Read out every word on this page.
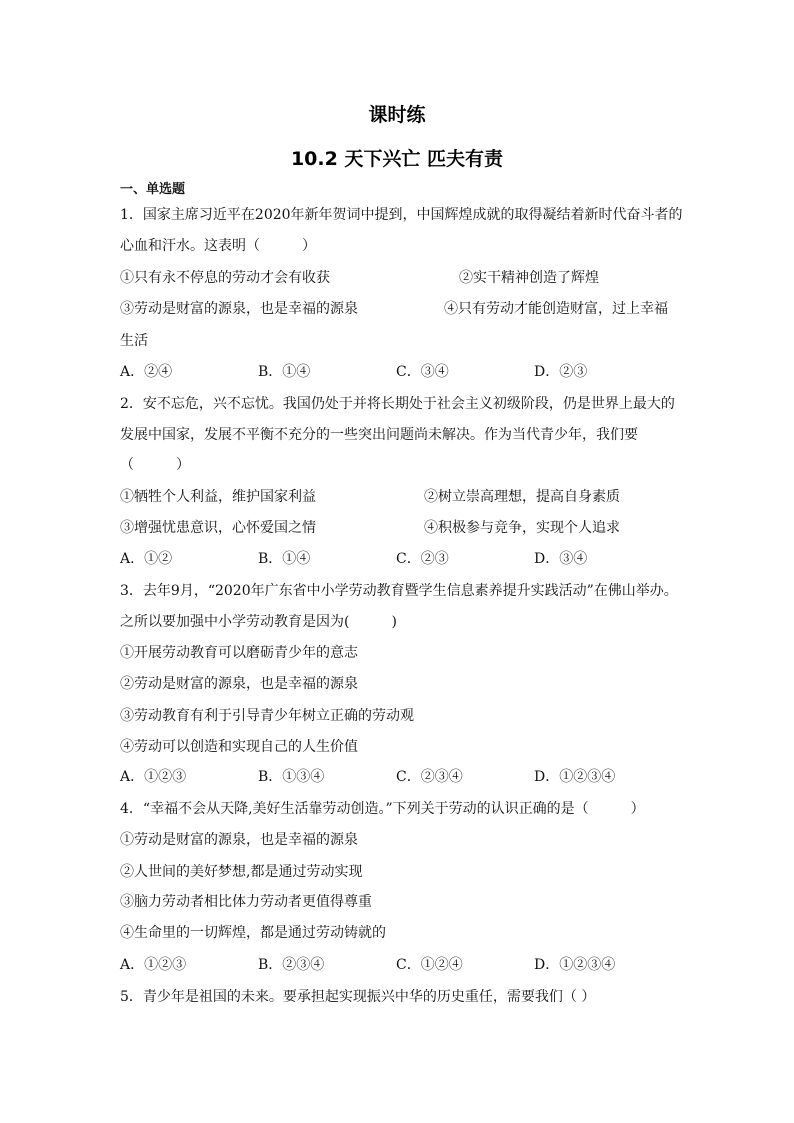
课时练
10.2 天下兴亡 匹夫有责
一、单选题
1．国家主席习近平在2020年新年贺词中提到，中国辉煌成就的取得凝结着新时代奋斗者的
心血和汗水。这表明（　　　）
①只有永不停息的劳动才会有收获	②实干精神创造了辉煌
③劳动是财富的源泉，也是幸福的源泉	④只有劳动才能创造财富，过上幸福
生活
A．②④	B．①④	C．③④	D．②③
2．安不忘危，兴不忘忧。我国仍处于并将长期处于社会主义初级阶段，仍是世界上最大的
发展中国家，发展不平衡不充分的一些突出问题尚未解决。作为当代青少年，我们要
（　　　）
①牺牲个人利益，维护国家利益	②树立崇高理想，提高自身素质
③增强忧患意识，心怀爱国之情	④积极参与竞争，实现个人追求
A．①②	B．①④	C．②③	D．③④
3．去年9月，“2020年广东省中小学劳动教育暨学生信息素养提升实践活动”在佛山举办。
之所以要加强中小学劳动教育是因为(　　　)
①开展劳动教育可以磨砺青少年的意志
②劳动是财富的源泉，也是幸福的源泉
③劳动教育有利于引导青少年树立正确的劳动观
④劳动可以创造和实现自己的人生价值
A．①②③	B．①③④	C．②③④	D．①②③④
4．“幸福不会从天降,美好生活靠劳动创造。”下列关于劳动的认识正确的是（　　　）
①劳动是财富的源泉，也是幸福的源泉
②人世间的美好梦想,都是通过劳动实现
③脑力劳动者相比体力劳动者更值得尊重
④生命里的一切辉煌，都是通过劳动铸就的
A．①②③	B．②③④	C．①②④	D．①②③④
5．青少年是祖国的未来。要承担起实现振兴中华的历史重任，需要我们（ ）
